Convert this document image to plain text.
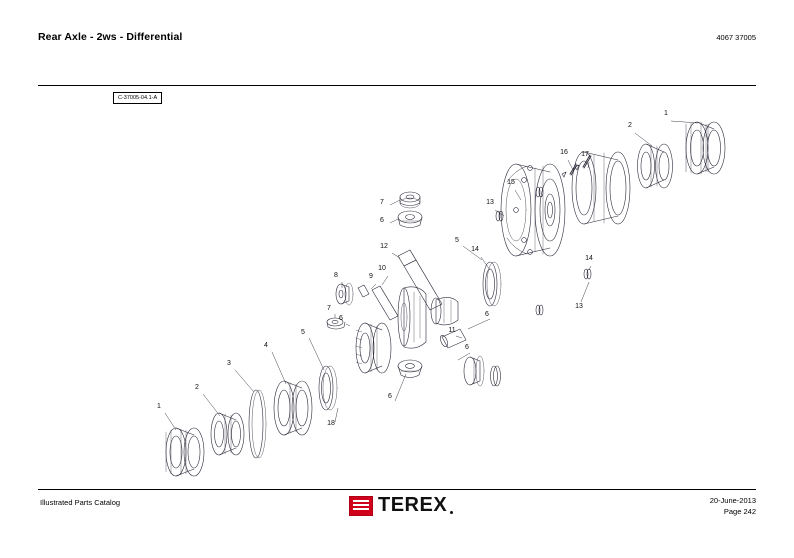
Rear Axle - 2ws - Differential	4067 37005
C-37005-04.1-A
1
2
17
16
15
13
7
6
5
14
14
12
10
9
8
13
7
6
6
11
6
5
4
3
2
1
6
18
Illustrated Parts Catalog	TEREX	20-June-2013
Page 242
